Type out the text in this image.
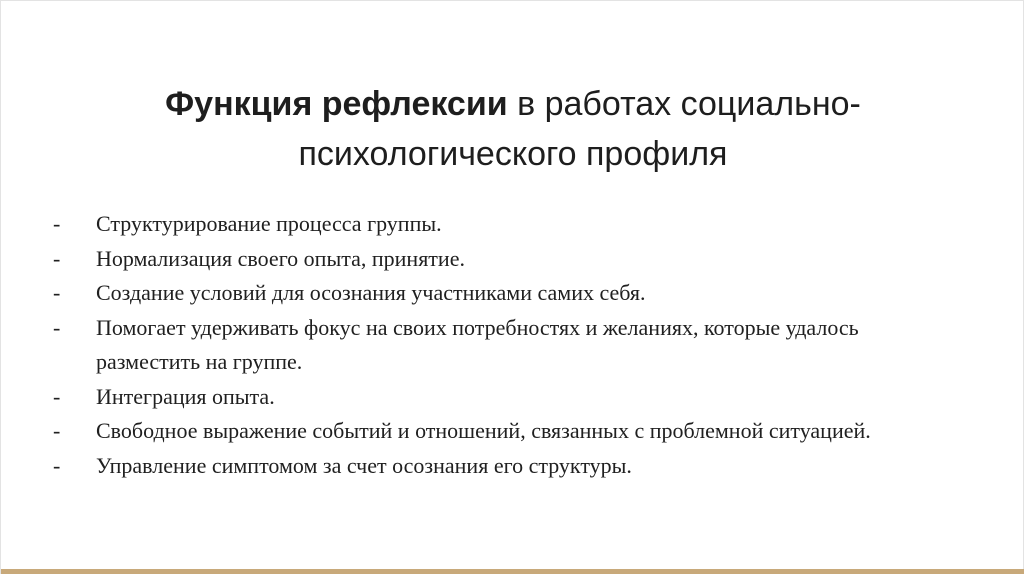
Функция рефлексии в работах социально-
психологического профиля
-	Структурирование процесса группы.
-	Нормализация своего опыта, принятие.
-	Создание условий для осознания участниками самих себя.
-	Помогает удерживать фокус на своих потребностях и желаниях, которые удалось разместить на группе.
-	Интеграция опыта.
-	Свободное выражение событий и отношений, связанных с проблемной ситуацией.
-	Управление симптомом за счет осознания его структуры.
